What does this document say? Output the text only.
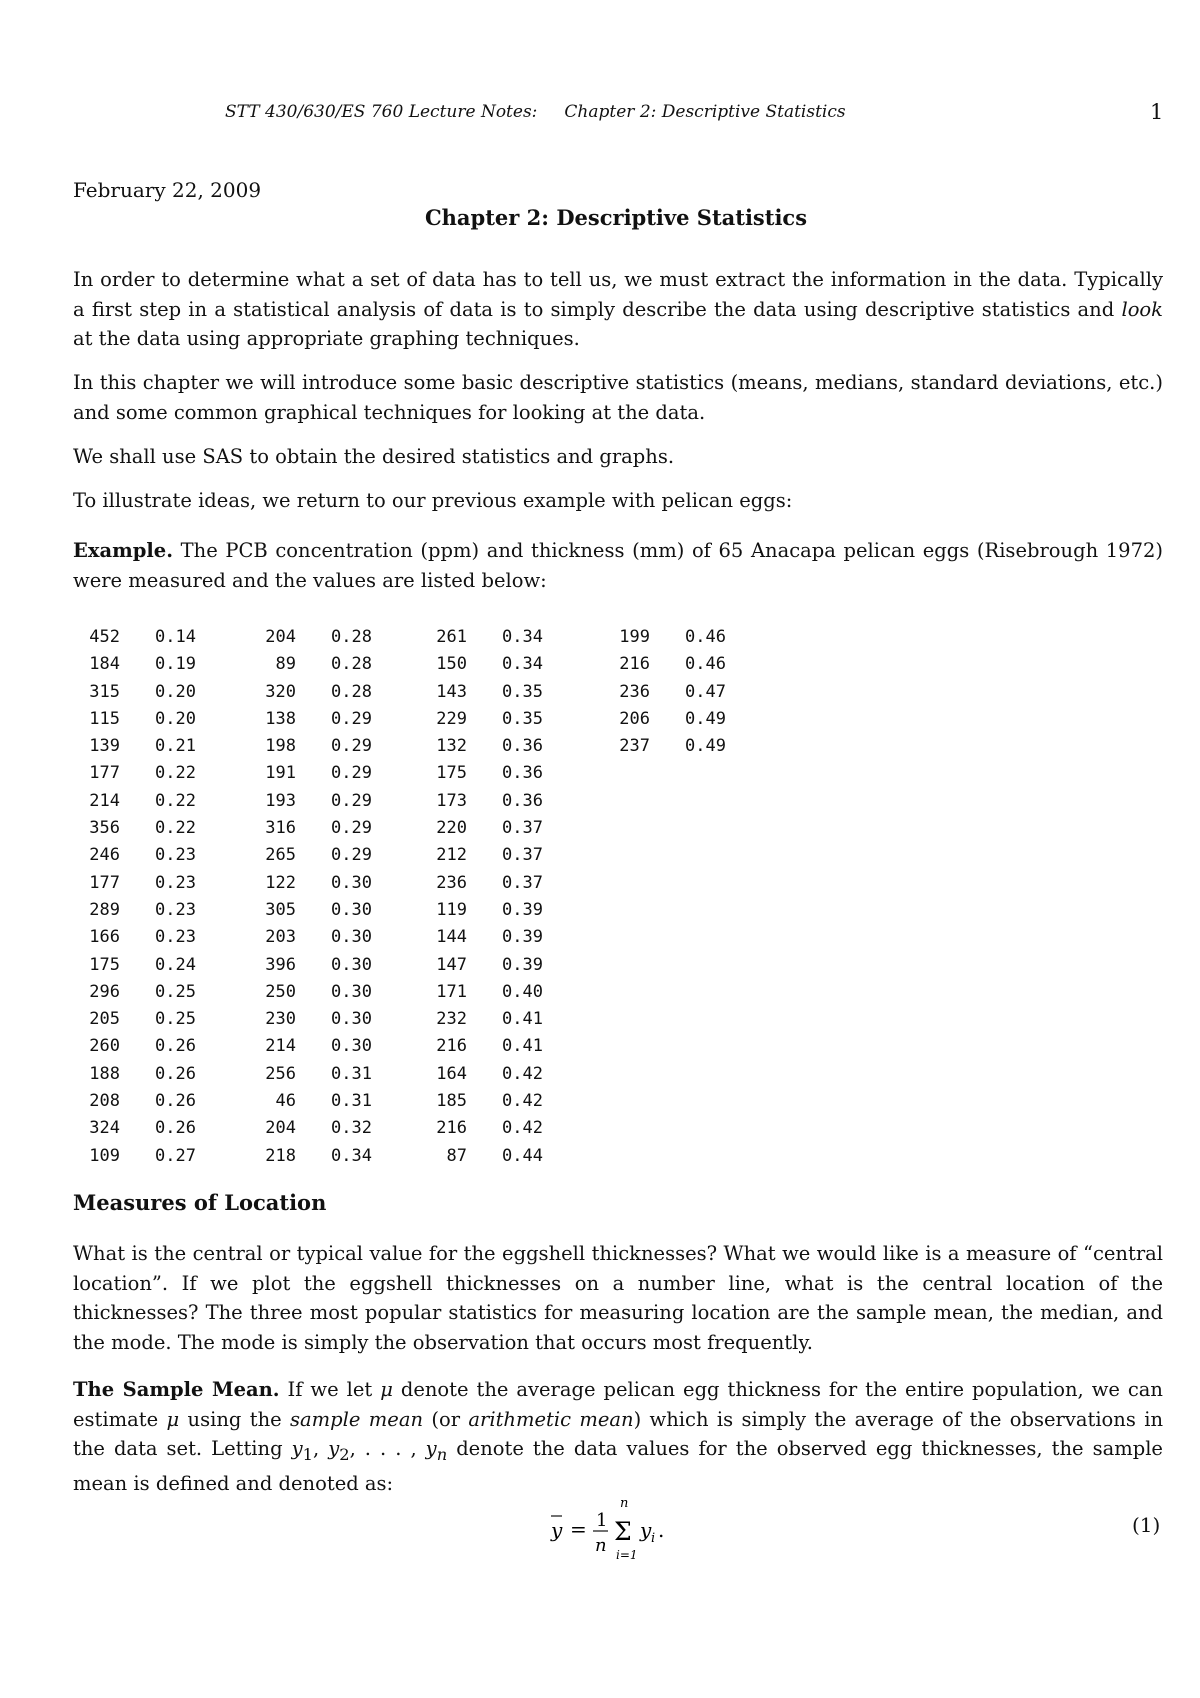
STT 430/630/ES 760 Lecture Notes:     Chapter 2: Descriptive Statistics	1
February 22, 2009
Chapter 2: Descriptive Statistics
In order to determine what a set of data has to tell us, we must extract the information in the data. Typically a first step in a statistical analysis of data is to simply describe the data using descriptive statistics and look at the data using appropriate graphing techniques.
In this chapter we will introduce some basic descriptive statistics (means, medians, standard deviations, etc.) and some common graphical techniques for looking at the data.
We shall use SAS to obtain the desired statistics and graphs.
To illustrate ideas, we return to our previous example with pelican eggs:
Example. The PCB concentration (ppm) and thickness (mm) of 65 Anacapa pelican eggs (Risebrough 1972) were measured and the values are listed below:
452	0.14	204	0.28	261	0.34	199	0.46
184	0.19	89	0.28	150	0.34	216	0.46
315	0.20	320	0.28	143	0.35	236	0.47
115	0.20	138	0.29	229	0.35	206	0.49
139	0.21	198	0.29	132	0.36	237	0.49
177	0.22	191	0.29	175	0.36		
214	0.22	193	0.29	173	0.36		
356	0.22	316	0.29	220	0.37		
246	0.23	265	0.29	212	0.37		
177	0.23	122	0.30	236	0.37		
289	0.23	305	0.30	119	0.39		
166	0.23	203	0.30	144	0.39		
175	0.24	396	0.30	147	0.39		
296	0.25	250	0.30	171	0.40		
205	0.25	230	0.30	232	0.41		
260	0.26	214	0.30	216	0.41		
188	0.26	256	0.31	164	0.42		
208	0.26	46	0.31	185	0.42		
324	0.26	204	0.32	216	0.42		
109	0.27	218	0.34	87	0.44		
Measures of Location
What is the central or typical value for the eggshell thicknesses? What we would like is a measure of “central location”. If we plot the eggshell thicknesses on a number line, what is the central location of the thicknesses? The three most popular statistics for measuring location are the sample mean, the median, and the mode. The mode is simply the observation that occurs most frequently.
The Sample Mean. If we let μ denote the average pelican egg thickness for the entire population, we can estimate μ using the sample mean (or arithmetic mean) which is simply the average of the observations in the data set. Letting $y_1$, $y_2$, . . . , $y_n$ denote the data values for the observed egg thicknesses, the sample mean is defined and denoted as:
y = 1
n
n
Σ
i=1
y i .	(1)
